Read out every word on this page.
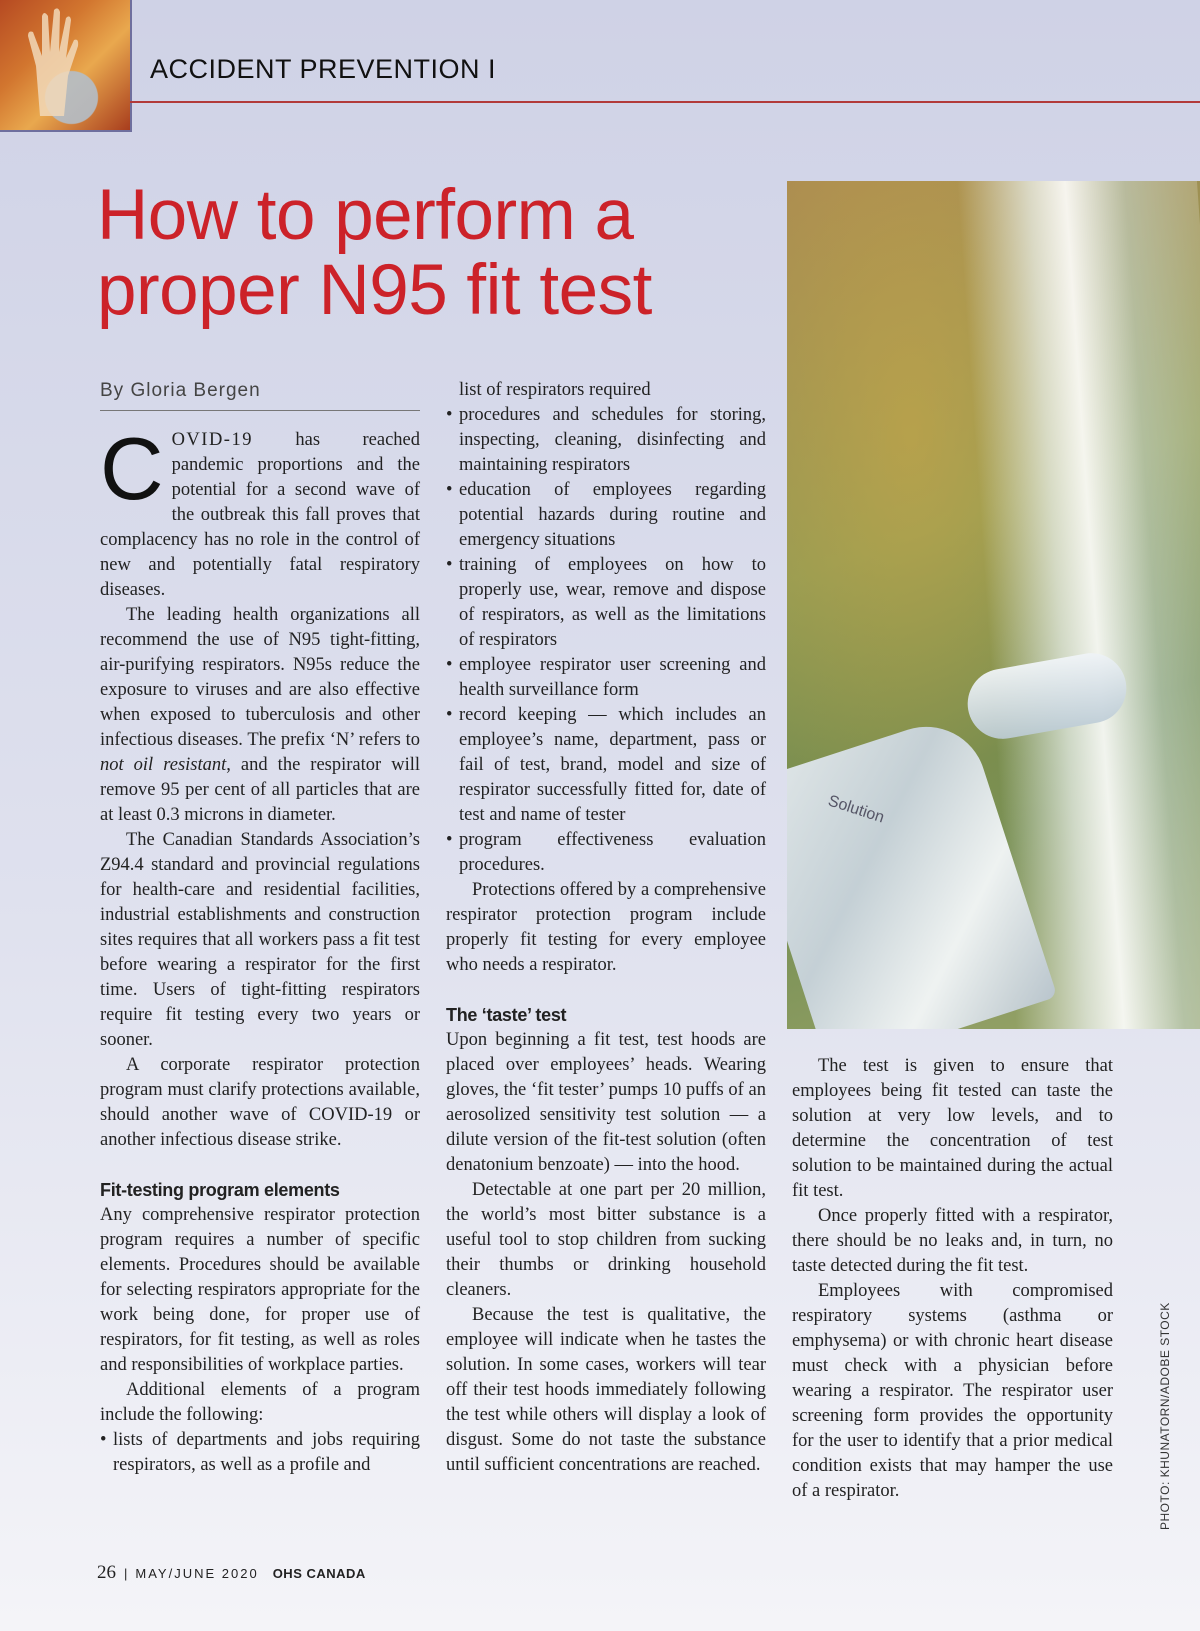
ACCIDENT PREVENTION I
How to perform a proper N95 fit test
By Gloria Bergen

COVID-19 has reached pandemic proportions and the potential for a second wave of the outbreak this fall proves that complacency has no role in the control of new and potentially fatal respiratory diseases.

The leading health organizations all recommend the use of N95 tight-fitting, air-purifying respirators. N95s reduce the exposure to viruses and are also effective when exposed to tuberculosis and other infectious diseases. The prefix ‘N’ refers to not oil resistant, and the respirator will remove 95 per cent of all particles that are at least 0.3 microns in diameter.

The Canadian Standards Association’s Z94.4 standard and provincial regulations for health-care and residential facilities, industrial establishments and construction sites requires that all workers pass a fit test before wearing a respirator for the first time. Users of tight-fitting respirators require fit testing every two years or sooner.

A corporate respirator protection program must clarify protections available, should another wave of COVID-19 or another infectious disease strike.

Fit-testing program elements

Any comprehensive respirator protection program requires a number of specific elements. Procedures should be available for selecting respirators appropriate for the work being done, for proper use of respirators, for fit testing, as well as roles and responsibilities of workplace parties.

Additional elements of a program include the following:

• lists of departments and jobs requiring respirators, as well as a profile and
list of respirators required
• procedures and schedules for storing, inspecting, cleaning, disinfecting and maintaining respirators
• education of employees regarding potential hazards during routine and emergency situations
• training of employees on how to properly use, wear, remove and dispose of respirators, as well as the limitations of respirators
• employee respirator user screening and health surveillance form
• record keeping — which includes an employee’s name, department, pass or fail of test, brand, model and size of respirator successfully fitted for, date of test and name of tester
• program effectiveness evaluation procedures.

Protections offered by a comprehensive respirator protection program include properly fit testing for every employee who needs a respirator.

The ‘taste’ test

Upon beginning a fit test, test hoods are placed over employees’ heads. Wearing gloves, the ‘fit tester’ pumps 10 puffs of an aerosolized sensitivity test solution — a dilute version of the fit-test solution (often denatonium benzoate) — into the hood.

Detectable at one part per 20 million, the world’s most bitter substance is a useful tool to stop children from sucking their thumbs or drinking household cleaners.

Because the test is qualitative, the employee will indicate when he tastes the solution. In some cases, workers will tear off their test hoods immediately following the test while others will display a look of disgust. Some do not taste the substance until sufficient concentrations are reached.

Solution

The test is given to ensure that employees being fit tested can taste the solution at very low levels, and to determine the concentration of test solution to be maintained during the actual fit test.

Once properly fitted with a respirator, there should be no leaks and, in turn, no taste detected during the fit test.

Employees with compromised respiratory systems (asthma or emphysema) or with chronic heart disease must check with a physician before wearing a respirator. The respirator user screening form provides the opportunity for the user to identify that a prior medical condition exists that may hamper the use of a respirator.	PHOTO: KHUNATORN/ADOBE STOCK
26 | MAY/JUNE 2020 OHS CANADA
